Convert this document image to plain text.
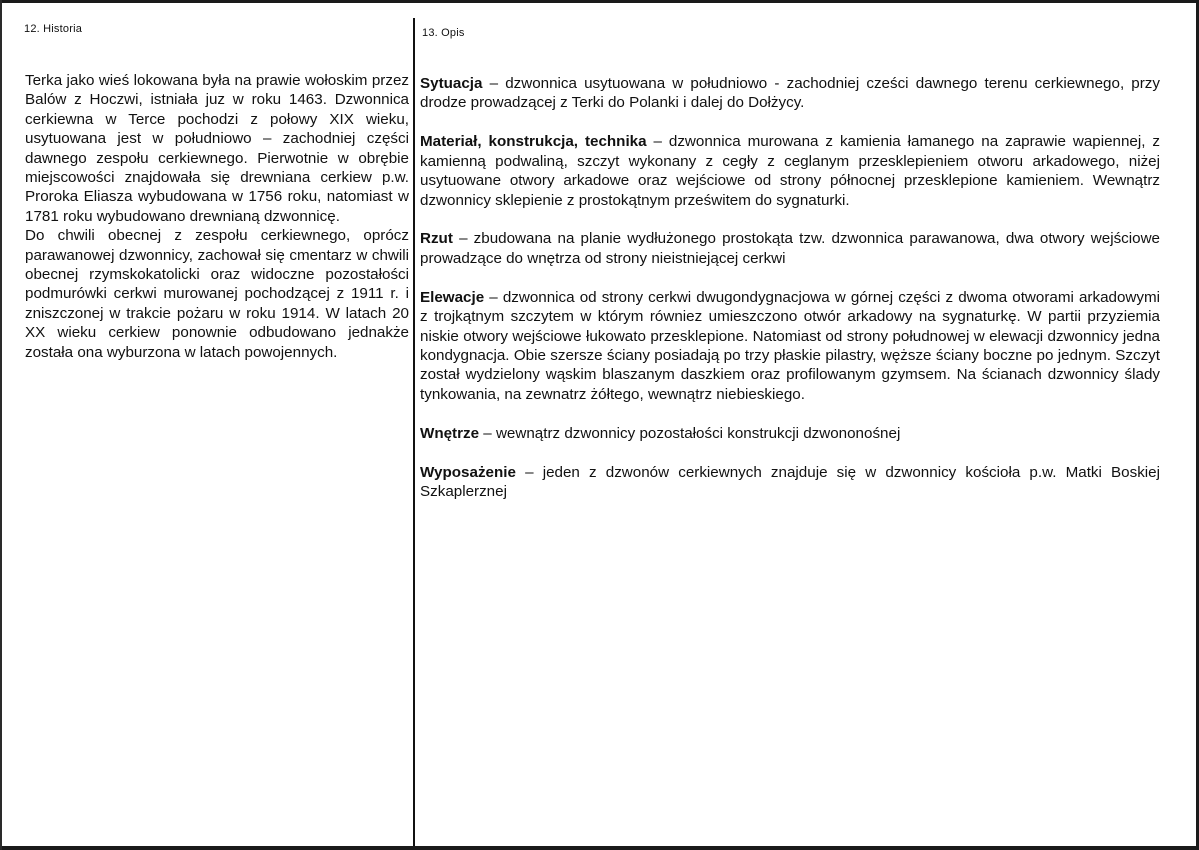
12. Historia

Terka jako wieś lokowana była na prawie wołoskim przez Balów z Hoczwi, istniała juz w roku 1463. Dzwonnica cerkiewna w Terce pochodzi z połowy XIX wieku, usytuowana jest w południowo – zachodniej części dawnego zespołu cerkiewnego. Pierwotnie w obrębie miejscowości znajdowała się drewniana cerkiew p.w. Proroka Eliasza wybudowana w 1756 roku, natomiast w 1781 roku wybudowano drewnianą dzwonnicę.

Do chwili obecnej z zespołu cerkiewnego, oprócz parawanowej dzwonnicy, zachował się cmentarz w chwili obecnej rzymskokatolicki oraz widoczne pozostałości podmurówki cerkwi murowanej pochodzącej z 1911 r. i zniszczonej w trakcie pożaru w roku 1914. W latach 20 XX wieku cerkiew ponownie odbudowano jednakże została ona wyburzona w latach powojennych.

13. Opis

Sytuacja – dzwonnica usytuowana w południowo - zachodniej cześci dawnego terenu cerkiewnego, przy drodze prowadzącej z Terki do Polanki i dalej do Dołżycy.

Materiał, konstrukcja, technika – dzwonnica murowana z kamienia łamanego na zaprawie wapiennej, z kamienną podwaliną, szczyt wykonany z cegły z ceglanym przesklepieniem otworu arkadowego, niżej usytuowane otwory arkadowe oraz wejściowe od strony północnej przesklepione kamieniem. Wewnątrz dzwonnicy sklepienie z prostokątnym prześwitem do sygnaturki.

Rzut – zbudowana na planie wydłużonego prostokąta tzw. dzwonnica parawanowa, dwa otwory wejściowe prowadzące do wnętrza od strony nieistniejącej cerkwi

Elewacje – dzwonnica od strony cerkwi dwugondygnacjowa w górnej części z dwoma otworami arkadowymi z trojkątnym szczytem w którym równiez umieszczono otwór arkadowy na sygnaturkę. W partii przyziemia niskie otwory wejściowe łukowato przesklepione. Natomiast od strony połudnowej w elewacji dzwonnicy jedna kondygnacja. Obie szersze ściany posiadają po trzy płaskie pilastry, węższe ściany boczne po jednym. Szczyt został wydzielony wąskim blaszanym daszkiem oraz profilowanym gzymsem. Na ścianach dzwonnicy ślady tynkowania, na zewnatrz żółtego, wewnątrz niebieskiego.

Wnętrze – wewnątrz dzwonnicy pozostałości konstrukcji dzwononośnej

Wyposażenie – jeden z dzwonów cerkiewnych znajduje się w dzwonnicy kościoła p.w. Matki Boskiej Szkaplerznej
